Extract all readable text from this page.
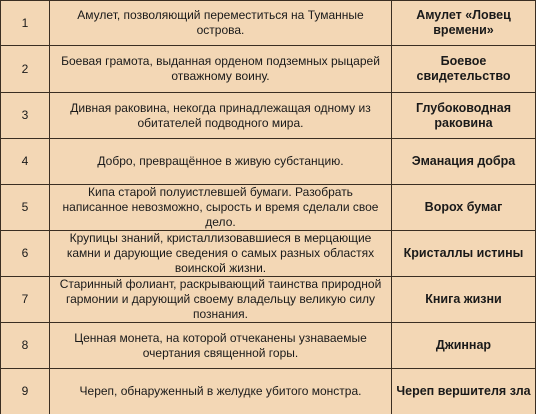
1	Амулет, позволяющий переместиться на Туманные острова.	Амулет «Ловец времени»
2	Боевая грамота, выданная орденом подземных рыцарей отважному воину.	Боевое свидетельство
3	Дивная раковина, некогда принадлежащая одному из обитателей подводного мира.	Глубоководная раковина
4	Добро, превращённое в живую субстанцию.	Эманация добра
5	Кипа старой полуистлевшей бумаги. Разобрать написанное невозможно, сырость и время сделали свое дело.	Ворох бумаг
6	Крупицы знаний, кристаллизовавшиеся в мерцающие камни и дарующие сведения о самых разных областях воинской жизни.	Кристаллы истины
7	Старинный фолиант, раскрывающий таинства природной гармонии и дарующий своему владельцу великую силу познания.	Книга жизни
8	Ценная монета, на которой отчеканены узнаваемые очертания священной горы.	Джиннар
9	Череп, обнаруженный в желудке убитого монстра.	Череп вершителя зла
